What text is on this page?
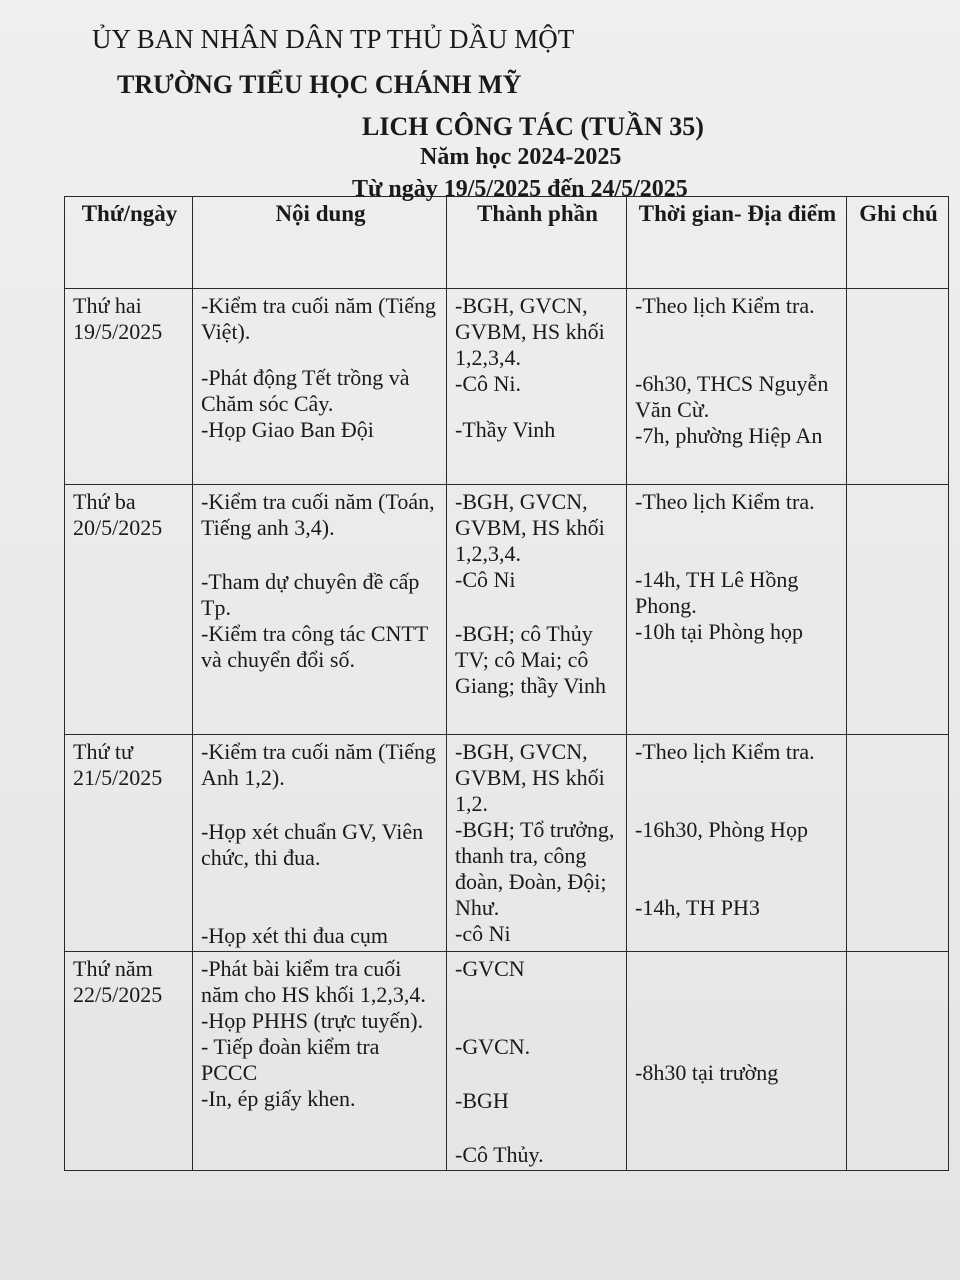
ỦY BAN NHÂN DÂN TP THỦ DẦU MỘT
TRƯỜNG TIỂU HỌC CHÁNH MỸ
LICH CÔNG TÁC (TUẦN 35)
Năm học 2024-2025
Từ ngày 19/5/2025 đến 24/5/2025
Thứ/ngày	Nội dung	Thành phần	Thời gian- Địa điểm	Ghi chú

Thứ hai
19/5/2025	-Kiểm tra cuối năm (Tiếng Việt).
-Phát động Tết trồng và Chăm sóc Cây.
-Họp Giao Ban Đội	-BGH, GVCN, GVBM, HS khối 1,2,3,4.
-Cô Ni.
-Thầy Vinh	-Theo lịch Kiểm tra.
-6h30, THCS Nguyễn Văn Cừ.
-7h, phường Hiệp An	

Thứ ba
20/5/2025	-Kiểm tra cuối năm (Toán, Tiếng anh 3,4).
-Tham dự chuyên đề cấp Tp.
-Kiểm tra công tác CNTT và chuyển đổi số.	-BGH, GVCN, GVBM, HS khối 1,2,3,4.
-Cô Ni
-BGH; cô Thủy TV; cô Mai; cô Giang; thầy Vinh	-Theo lịch Kiểm tra.
-14h, TH Lê Hồng Phong.
-10h tại Phòng họp	

Thứ tư
21/5/2025	-Kiểm tra cuối năm (Tiếng Anh 1,2).
-Họp xét chuẩn GV, Viên chức, thi đua.
-Họp xét thi đua cụm	-BGH, GVCN, GVBM, HS khối 1,2.
-BGH; Tổ trưởng, thanh tra, công đoàn, Đoàn, Đội; Như.
-cô Ni	-Theo lịch Kiểm tra.
-16h30, Phòng Họp
-14h, TH PH3	

Thứ năm
22/5/2025	-Phát bài kiểm tra cuối năm cho HS khối 1,2,3,4.
-Họp PHHS (trực tuyến).
- Tiếp đoàn kiểm tra PCCC
-In, ép giấy khen.	-GVCN
-GVCN.
-BGH
-Cô Thủy.	-8h30 tại trường	
